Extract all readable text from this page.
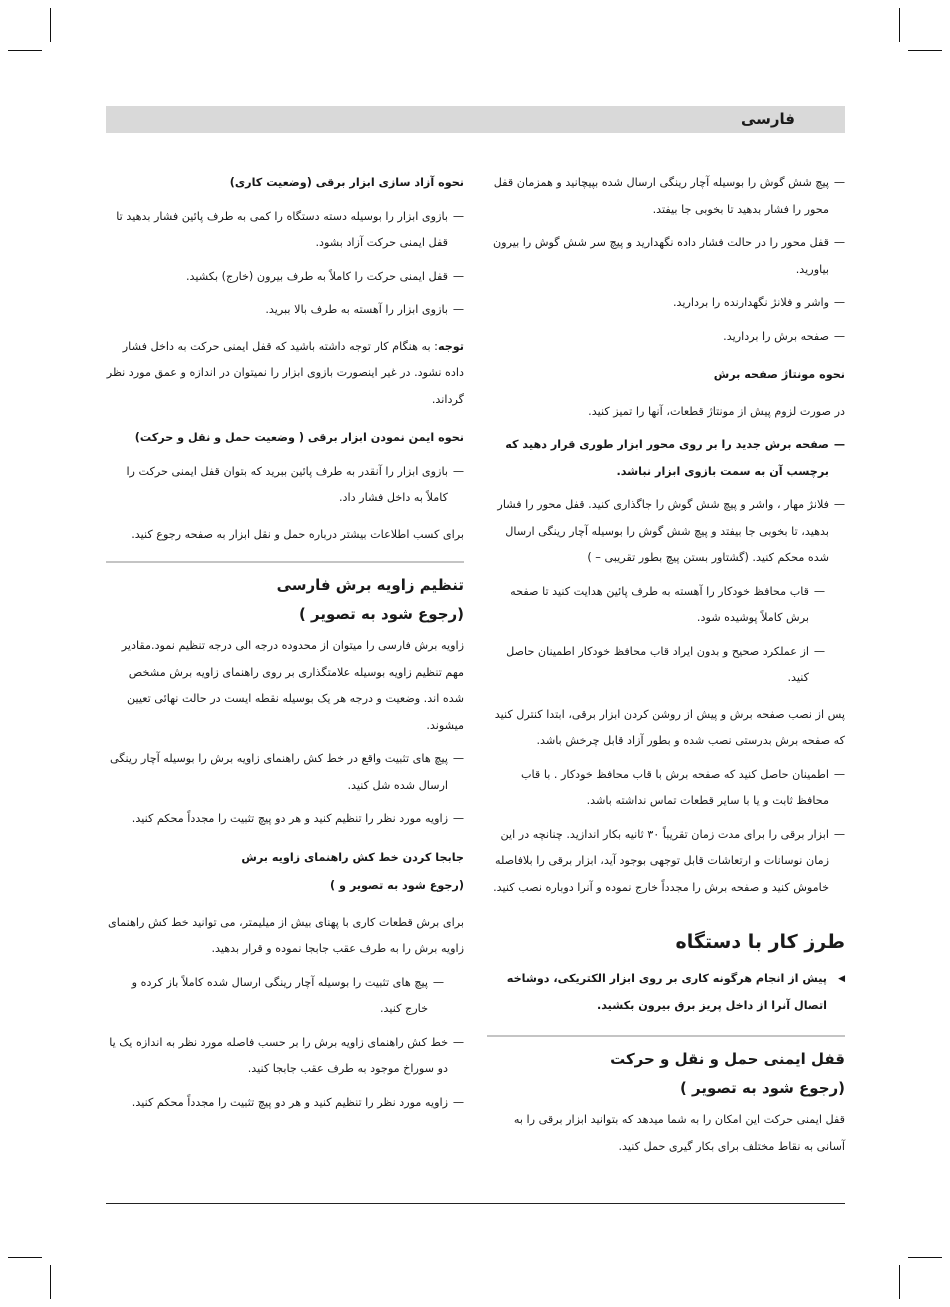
فارسی
— پیچ شش گوش را بوسیله آچار رینگی ارسال شده بپیچانید و همزمان قفل محور را فشار بدهید تا بخوبی جا بیفتد.
— قفل محور را در حالت فشار داده نگهدارید و پیچ سر شش گوش را بیرون بیاورید.
— واشر و فلانژ نگهدارنده را بردارید.
— صفحه برش را بردارید.

نحوه مونتاژ صفحه برش

در صورت لزوم پیش از مونتاژ قطعات، آنها را تمیز کنید.

— صفحه برش جدید را بر روی محور ابزار طوری قرار دهید که برچسب آن به سمت بازوی ابزار نباشد.
— فلانژ مهار ، واشر و پیچ شش گوش را جاگذاری کنید. قفل محور را فشار بدهید، تا بخوبی جا بیفتد و پیچ شش گوش را بوسیله آچار رینگی ارسال شده محکم کنید. (گشتاور بستن پیچ بطور تقریبی – )
— قاب محافظ خودکار را آهسته به طرف پائین هدایت کنید تا صفحه برش کاملاً پوشیده شود.
— از عملکرد صحیح و بدون ایراد قاب محافظ خودکار اطمینان حاصل کنید.

پس از نصب صفحه برش و پیش از روشن کردن ابزار برقی، ابتدا کنترل کنید که صفحه برش بدرستی نصب شده و بطور آزاد قابل چرخش باشد.

— اطمینان حاصل کنید که صفحه برش با قاب محافظ خودکار . با قاب محافظ ثابت و یا با سایر قطعات تماس نداشته باشد.
— ابزار برقی را برای مدت زمان تقریباً ۳۰ ثانیه بکار اندازید. چنانچه در این زمان نوسانات و ارتعاشات قابل توجهی بوجود آید، ابزار برقی را بلافاصله خاموش کنید و صفحه برش را مجدداً خارج نموده و آنرا دوباره نصب کنید.
طرز کار با دستگاه
◀ پیش از انجام هرگونه کاری بر روی ابزار الکتریکی، دوشاخه اتصال آنرا از داخل پریز برق بیرون بکشید.
قفل ایمنی حمل و نقل و حرکت
(رجوع شود به تصویر )

قفل ایمنی حرکت این امکان را به شما میدهد که بتوانید ابزار برقی را به آسانی به نقاط مختلف برای بکار گیری حمل کنید.

نحوه آزاد سازی ابزار برقی (وضعیت کاری)

— بازوی ابزار را بوسیله دسته دستگاه را کمی به طرف پائین فشار بدهید تا قفل ایمنی حرکت آزاد بشود.
— قفل ایمنی حرکت را کاملاً به طرف بیرون (خارج) بکشید.
— بازوی ابزار را آهسته به طرف بالا ببرید.

توجه: به هنگام کار توجه داشته باشید که قفل ایمنی حرکت به داخل فشار داده نشود. در غیر اینصورت بازوی ابزار را نمیتوان در اندازه و عمق مورد نظر گرداند.

نحوه ایمن نمودن ابزار برقی ( وضعیت حمل و نقل و حرکت)

— بازوی ابزار را آنقدر به طرف پائین ببرید که بتوان قفل ایمنی حرکت را کاملاً به داخل فشار داد.

برای کسب اطلاعات بیشتر درباره حمل و نقل ابزار به صفحه رجوع کنید.

تنظیم زاویه برش فارسی
(رجوع شود به تصویر )

زاویه برش فارسی را میتوان از محدوده درجه الی درجه تنظیم نمود.مقادیر مهم تنظیم زاویه بوسیله علامتگذاری بر روی راهنمای زاویه برش مشخص شده اند. وضعیت و درجه هر یک بوسیله نقطه ایست در حالت نهائی تعیین میشوند.

— پیچ های تثبیت واقع در خط کش راهنمای زاویه برش را بوسیله آچار رینگی ارسال شده شل کنید.
— زاویه مورد نظر را تنظیم کنید و هر دو پیچ تثبیت را مجدداً محکم کنید.

جابجا کردن خط کش راهنمای زاویه برش

(رجوع شود به تصویر و )

برای برش قطعات کاری با پهنای بیش از میلیمتر، می توانید خط کش راهنمای زاویه برش را به طرف عقب جابجا نموده و قرار بدهید.

— پیچ های تثبیت را بوسیله آچار رینگی ارسال شده کاملاً باز کرده و خارج کنید.
— خط کش راهنمای زاویه برش را بر حسب فاصله مورد نظر به اندازه یک یا دو سوراخ موجود به طرف عقب جابجا کنید.
— زاویه مورد نظر را تنظیم کنید و هر دو پیچ تثبیت را مجدداً محکم کنید.
